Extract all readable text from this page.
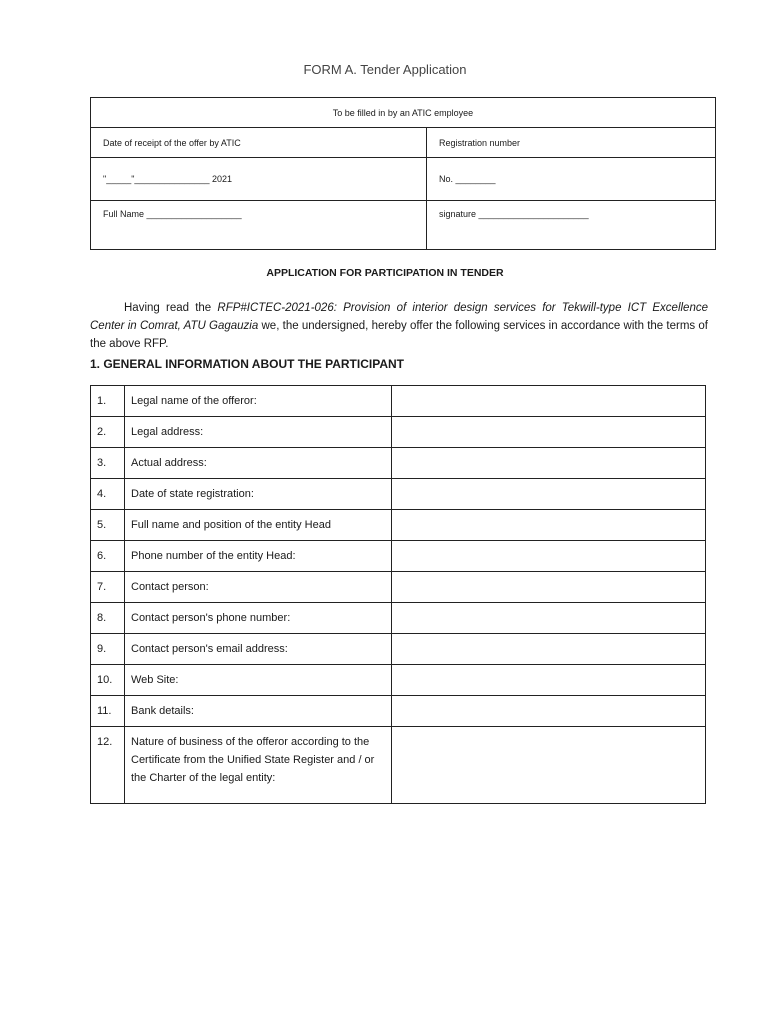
FORM A. Tender Application
To be filled in by an ATIC employee	
Date of receipt of the offer by ATIC	Registration number
"_____"_______________ 2021	No. ________
Full Name ___________________	signature ______________________
APPLICATION FOR PARTICIPATION IN TENDER
Having read the RFP#ICTEC-2021-026: Provision of interior design services for Tekwill-type ICT Excellence Center in Comrat, ATU Gagauzia we, the undersigned, hereby offer the following services in accordance with the terms of the above RFP.
1. GENERAL INFORMATION ABOUT THE PARTICIPANT
1.	Legal name of the offeror:	
2.	Legal address:	
3.	Actual address:	
4.	Date of state registration:	
5.	Full name and position of the entity Head	
6.	Phone number of the entity Head:	
7.	Contact person:	
8.	Contact person's phone number:	
9.	Contact person's email address:	
10.	Web Site:	
11.	Bank details:	
12.	Nature of business of the offeror according to the Certificate from the Unified State Register and / or the Charter of the legal entity:	
